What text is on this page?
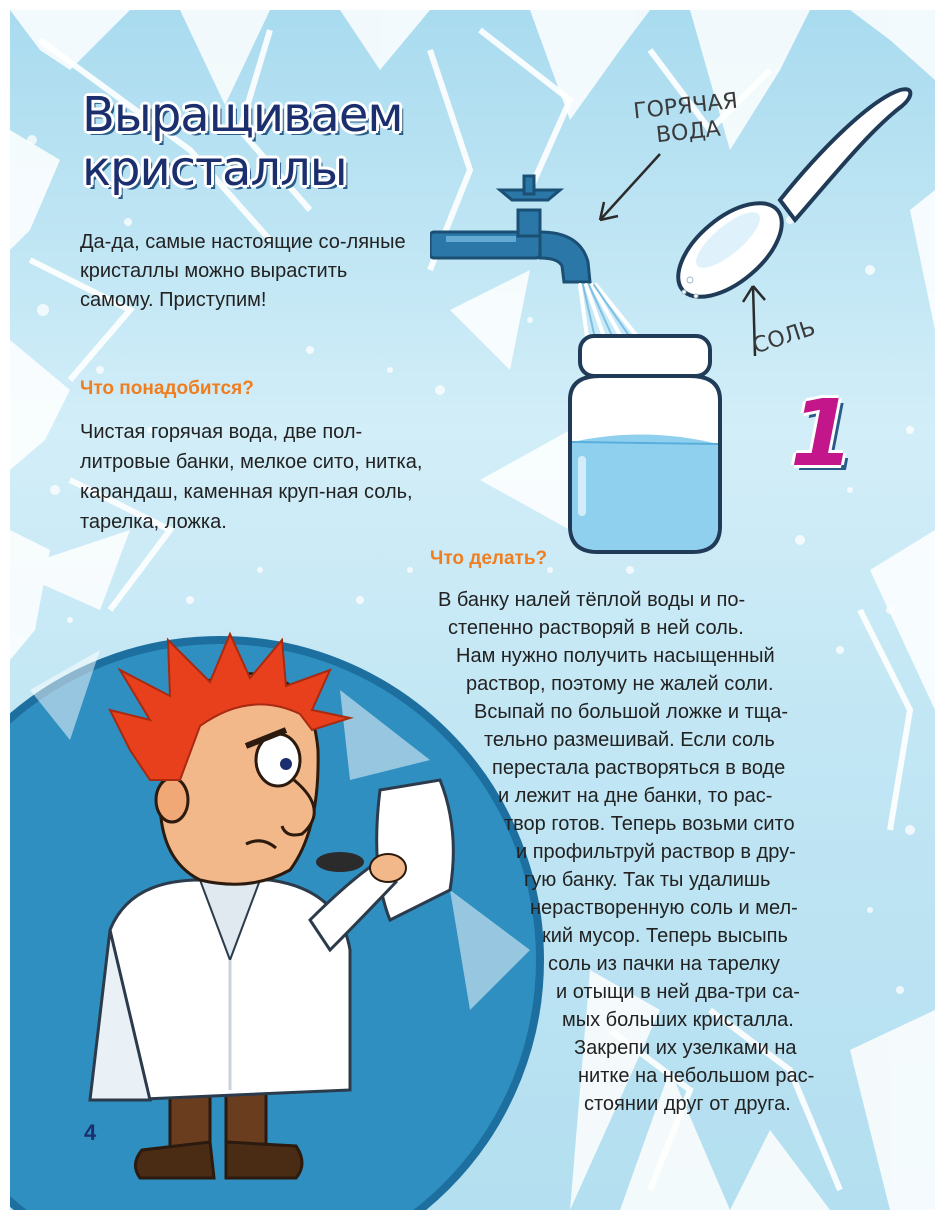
Выращиваем
кристаллы

Да-да, самые настоящие со-ляные кристаллы можно вырастить самому. Приступим!

Что понадобится?

Чистая горячая вода, две пол-литровые банки, мелкое сито, нитка, карандаш, каменная круп-ная соль, тарелка, ложка.

Что делать?
В банку налей тёплой воды и по-
степенно растворяй в ней соль.
Нам нужно получить насыщенный
раствор, поэтому не жалей соли.
Всыпай по большой ложке и тща-
тельно размешивай. Если соль
перестала растворяться в воде
и лежит на дне банки, то рас-
твор готов. Теперь возьми сито
и профильтруй раствор в дру-
гую банку. Так ты удалишь
нерастворенную соль и мел-
кий мусор. Теперь высыпь
соль из пачки на тарелку
и отыщи в ней два-три са-
мых больших кристалла.
Закрепи их узелками на
нитке на небольшом рас-
стоянии друг от друга.
ГОРЯЧАЯ
ВОДА
СОЛЬ
1
4
